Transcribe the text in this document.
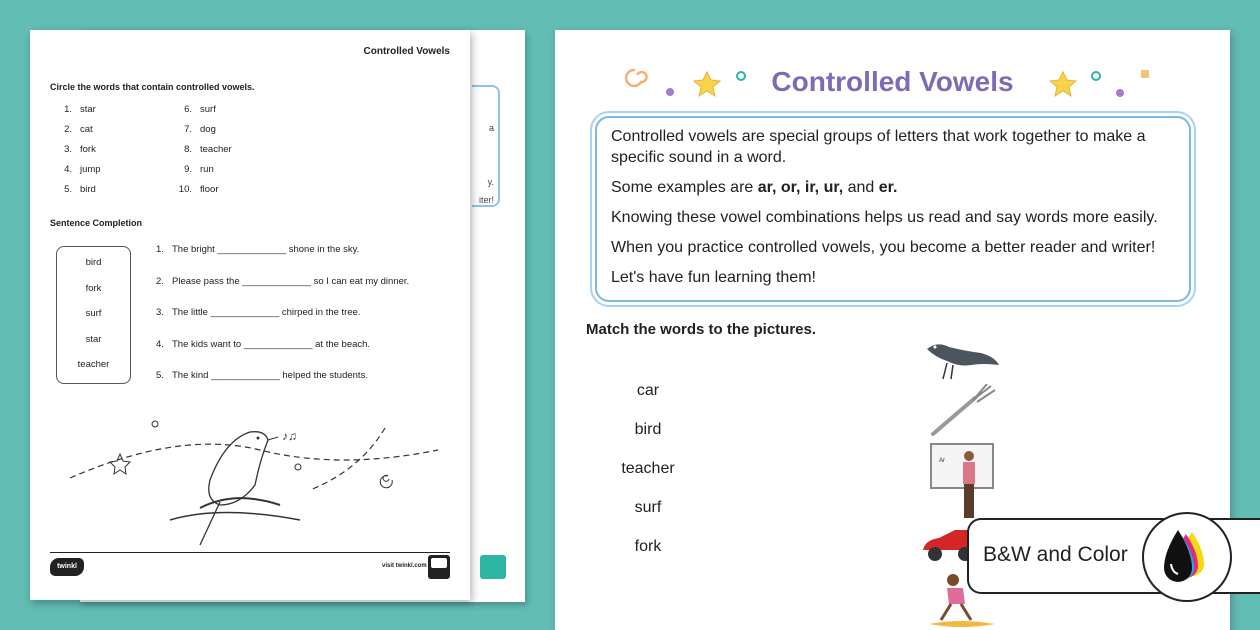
a
y.
iter!
Controlled Vowels
Circle the words that contain controlled vowels.
1. star
2. cat
3. fork
4. jump
5. bird
6. surf
7. dog
8. teacher
9. run
10. floor
Sentence Completion
bird
fork
surf
star
teacher
1. The bright _____________ shone in the sky.
2. Please pass the _____________ so I can eat my dinner.
3. The little _____________ chirped in the tree.
4. The kids want to _____________ at the beach.
5. The kind _____________ helped the students.
♪♫
twinkl	visit twinkl.com
Controlled Vowels

Controlled vowels are special groups of letters that work together to make a specific sound in a word.

Some examples are ar, or, ir, ur, and er.

Knowing these vowel combinations helps us read and say words more easily.

When you practice controlled vowels, you become a better reader and writer!

Let's have fun learning them!

Match the words to the pictures.
car
bird
teacher
surf
fork
Ar
B&W and Color
